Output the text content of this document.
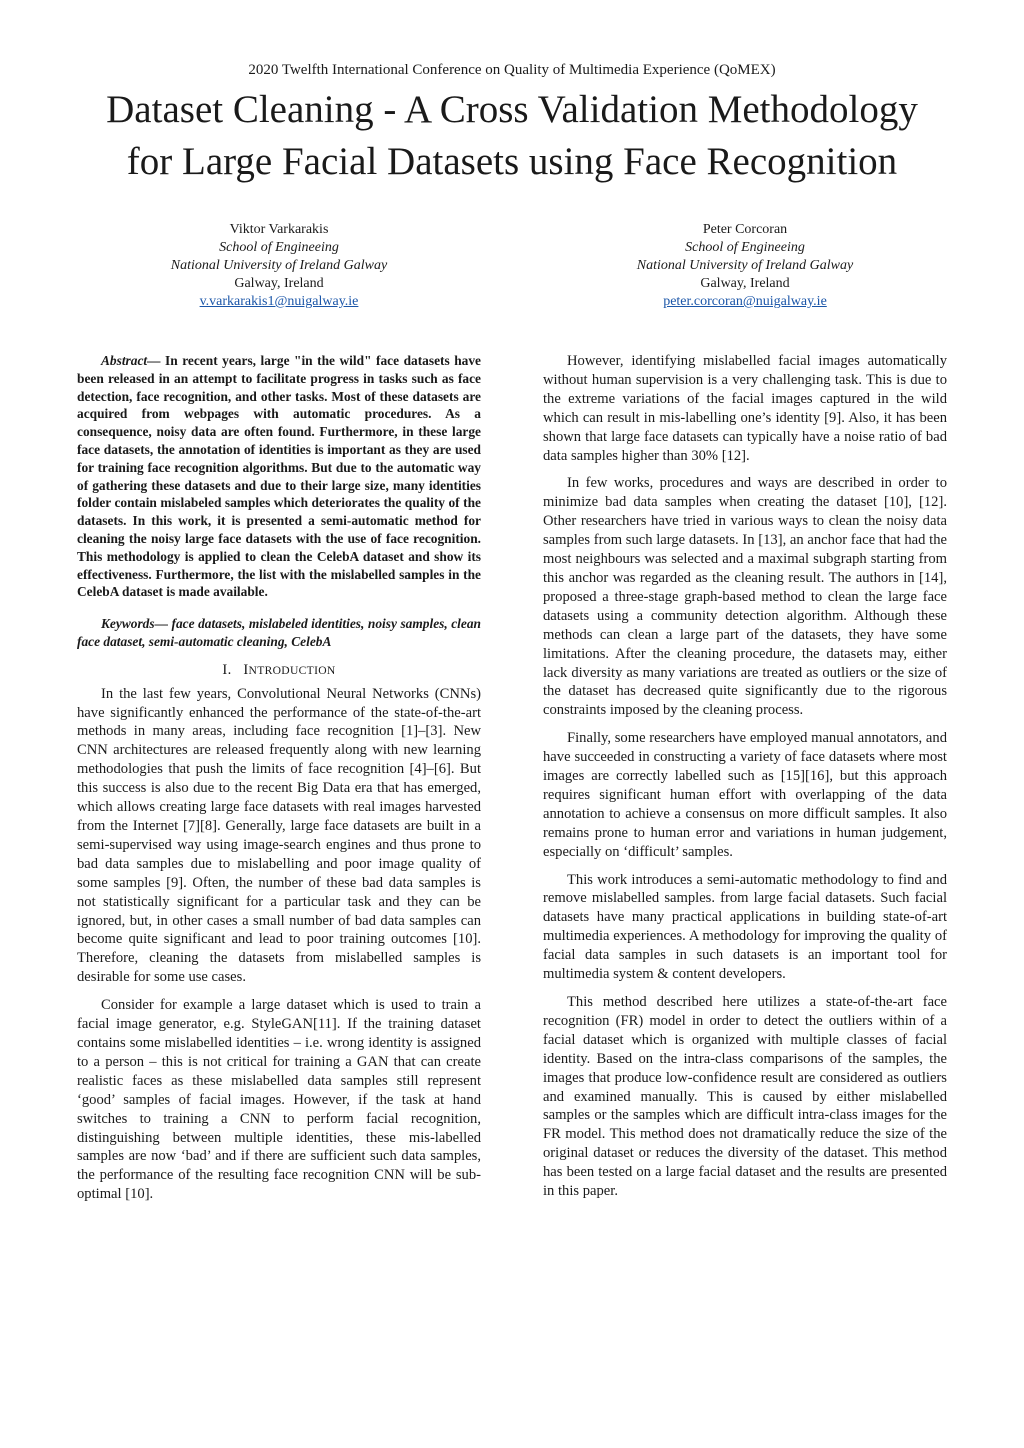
2020 Twelfth International Conference on Quality of Multimedia Experience (QoMEX)
Dataset Cleaning - A Cross Validation Methodology
for Large Facial Datasets using Face Recognition
Viktor Varkarakis
School of Engineeing
National University of Ireland Galway
Galway, Ireland
v.varkarakis1@nuigalway.ie
Peter Corcoran
School of Engineeing
National University of Ireland Galway
Galway, Ireland
peter.corcoran@nuigalway.ie

Abstract— In recent years, large "in the wild" face datasets have been released in an attempt to facilitate progress in tasks such as face detection, face recognition, and other tasks. Most of these datasets are acquired from webpages with automatic procedures. As a consequence, noisy data are often found. Furthermore, in these large face datasets, the annotation of identities is important as they are used for training face recognition algorithms. But due to the automatic way of gathering these datasets and due to their large size, many identities folder contain mislabeled samples which deteriorates the quality of the datasets. In this work, it is presented a semi-automatic method for cleaning the noisy large face datasets with the use of face recognition. This methodology is applied to clean the CelebA dataset and show its effectiveness. Furthermore, the list with the mislabelled samples in the CelebA dataset is made available.

Keywords— face datasets, mislabeled identities, noisy samples, clean face dataset, semi-automatic cleaning, CelebA

I. INTRODUCTION

In the last few years, Convolutional Neural Networks (CNNs) have significantly enhanced the performance of the state-of-the-art methods in many areas, including face recognition [1]–[3]. New CNN architectures are released frequently along with new learning methodologies that push the limits of face recognition [4]–[6]. But this success is also due to the recent Big Data era that has emerged, which allows creating large face datasets with real images harvested from the Internet [7][8]. Generally, large face datasets are built in a semi-supervised way using image-search engines and thus prone to bad data samples due to mislabelling and poor image quality of some samples [9]. Often, the number of these bad data samples is not statistically significant for a particular task and they can be ignored, but, in other cases a small number of bad data samples can become quite significant and lead to poor training outcomes [10]. Therefore, cleaning the datasets from mislabelled samples is desirable for some use cases.

Consider for example a large dataset which is used to train a facial image generator, e.g. StyleGAN[11]. If the training dataset contains some mislabelled identities – i.e. wrong identity is assigned to a person – this is not critical for training a GAN that can create realistic faces as these mislabelled data samples still represent ‘good’ samples of facial images. However, if the task at hand switches to training a CNN to perform facial recognition, distinguishing between multiple identities, these mis-labelled samples are now ‘bad’ and if there are sufficient such data samples, the performance of the resulting face recognition CNN will be sub-optimal [10].

However, identifying mislabelled facial images automatically without human supervision is a very challenging task. This is due to the extreme variations of the facial images captured in the wild which can result in mis-labelling one’s identity [9]. Also, it has been shown that large face datasets can typically have a noise ratio of bad data samples higher than 30% [12].

In few works, procedures and ways are described in order to minimize bad data samples when creating the dataset [10], [12]. Other researchers have tried in various ways to clean the noisy data samples from such large datasets. In [13], an anchor face that had the most neighbours was selected and a maximal subgraph starting from this anchor was regarded as the cleaning result. The authors in [14], proposed a three-stage graph-based method to clean the large face datasets using a community detection algorithm. Although these methods can clean a large part of the datasets, they have some limitations. After the cleaning procedure, the datasets may, either lack diversity as many variations are treated as outliers or the size of the dataset has decreased quite significantly due to the rigorous constraints imposed by the cleaning process.

Finally, some researchers have employed manual annotators, and have succeeded in constructing a variety of face datasets where most images are correctly labelled such as [15][16], but this approach requires significant human effort with overlapping of the data annotation to achieve a consensus on more difficult samples. It also remains prone to human error and variations in human judgement, especially on ‘difficult’ samples.

This work introduces a semi-automatic methodology to find and remove mislabelled samples. from large facial datasets. Such facial datasets have many practical applications in building state-of-art multimedia experiences. A methodology for improving the quality of facial data samples in such datasets is an important tool for multimedia system & content developers.

This method described here utilizes a state-of-the-art face recognition (FR) model in order to detect the outliers within of a facial dataset which is organized with multiple classes of facial identity. Based on the intra-class comparisons of the samples, the images that produce low-confidence result are considered as outliers and examined manually. This is caused by either mislabelled samples or the samples which are difficult intra-class images for the FR model. This method does not dramatically reduce the size of the original dataset or reduces the diversity of the dataset. This method has been tested on a large facial dataset and the results are presented in this paper.
